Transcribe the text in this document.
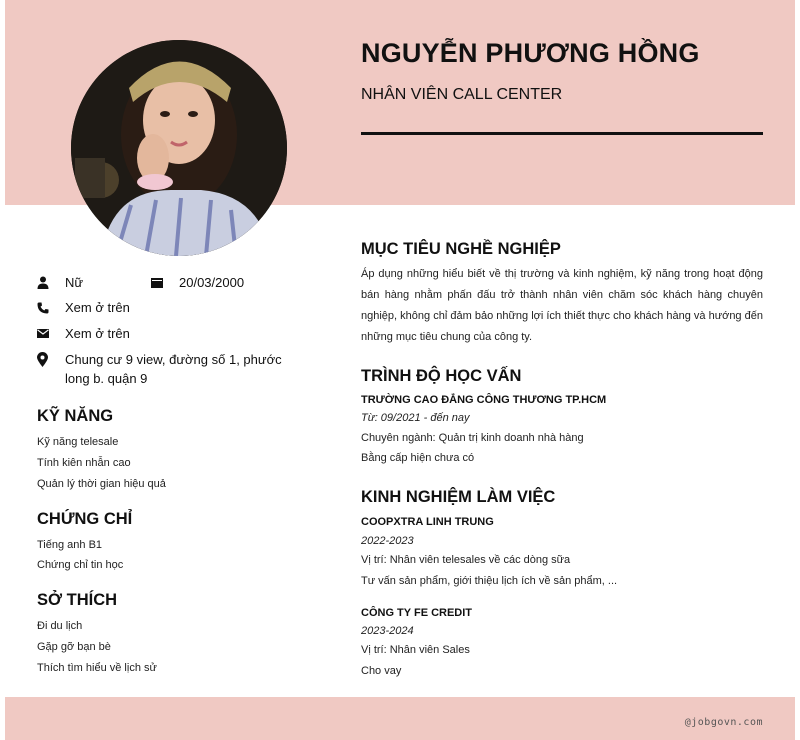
NGUYỄN PHƯƠNG HỒNG
NHÂN VIÊN CALL CENTER
Nữ	20/03/2000
Xem ở trên
Xem ở trên
Chung cư 9 view, đường số 1, phước long b. quận 9
KỸ NĂNG
Kỹ năng telesale
Tính kiên nhẫn cao
Quản lý thời gian hiệu quả
CHỨNG CHỈ
Tiếng anh B1
Chứng chỉ tin học
SỞ THÍCH
Đi du lịch
Gặp gỡ bạn bè
Thích tìm hiểu về lịch sử
MỤC TIÊU NGHỀ NGHIỆP
Áp dụng những hiểu biết về thị trường và kinh nghiệm, kỹ năng trong hoạt động bán hàng nhằm phấn đấu trở thành nhân viên chăm sóc khách hàng chuyên nghiệp, không chỉ đảm bảo những lợi ích thiết thực cho khách hàng và hướng đến những mục tiêu chung của công ty.
TRÌNH ĐỘ HỌC VẤN
TRƯỜNG CAO ĐẲNG CÔNG THƯƠNG TP.HCM
Từ: 09/2021 - đến nay
Chuyên ngành: Quản trị kinh doanh nhà hàng
Bằng cấp hiện chưa có
KINH NGHIỆM LÀM VIỆC
COOPXTRA LINH TRUNG
2022-2023
Vị trí: Nhân viên telesales về các dòng sữa
Tư vấn sản phẩm, giới thiệu lịch ích về sản phẩm, ...
CÔNG TY FE CREDIT
2023-2024
Vị trí: Nhân viên Sales
Cho vay
@jobgovn.com
